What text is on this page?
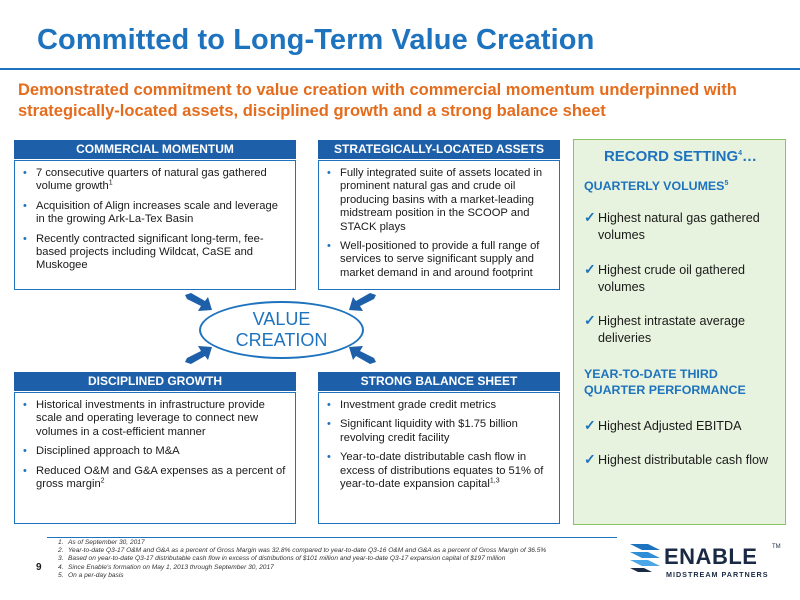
Committed to Long-Term Value Creation
Demonstrated commitment to value creation with commercial momentum underpinned with strategically-located assets, disciplined growth and a strong balance sheet
COMMERCIAL MOMENTUM
• 7 consecutive quarters of natural gas gathered volume growth$^1$
• Acquisition of Align increases scale and leverage in the growing Ark-La-Tex Basin
• Recently contracted significant long-term, fee-based projects including Wildcat, CaSE and Muskogee
STRATEGICALLY-LOCATED ASSETS
• Fully integrated suite of assets located in prominent natural gas and crude oil producing basins with a market-leading midstream position in the SCOOP and STACK plays
• Well-positioned to provide a full range of services to serve significant supply and market demand in and around footprint
VALUE
CREATION
DISCIPLINED GROWTH
• Historical investments in infrastructure provide scale and operating leverage to connect new volumes in a cost-efficient manner
• Disciplined approach to M&A
• Reduced O&M and G&A expenses as a percent of gross margin$^2$
STRONG BALANCE SHEET
• Investment grade credit metrics
• Significant liquidity with $1.75 billion revolving credit facility
• Year-to-date distributable cash flow in excess of distributions equates to 51% of year-to-date expansion capital$^{1,3}$
RECORD SETTING$^4$…
QUARTERLY VOLUMES$^5$
✓ Highest natural gas gathered volumes
✓ Highest crude oil gathered volumes
✓ Highest intrastate average deliveries
YEAR-TO-DATE THIRD
QUARTER PERFORMANCE
✓ Highest Adjusted EBITDA
✓ Highest distributable cash flow
9
1. As of September 30, 2017
2. Year-to-date Q3-17 O&M and G&A as a percent of Gross Margin was 32.8% compared to year-to-date Q3-16 O&M and G&A as a percent of Gross Margin of 36.5%
3. Based on year-to-date Q3-17 distributable cash flow in excess of distributions of $101 million and year-to-date Q3-17 expansion capital of $197 million
4. Since Enable's formation on May 1, 2013 through September 30, 2017
5. On a per-day basis
ENABLE TM
MIDSTREAM PARTNERS
